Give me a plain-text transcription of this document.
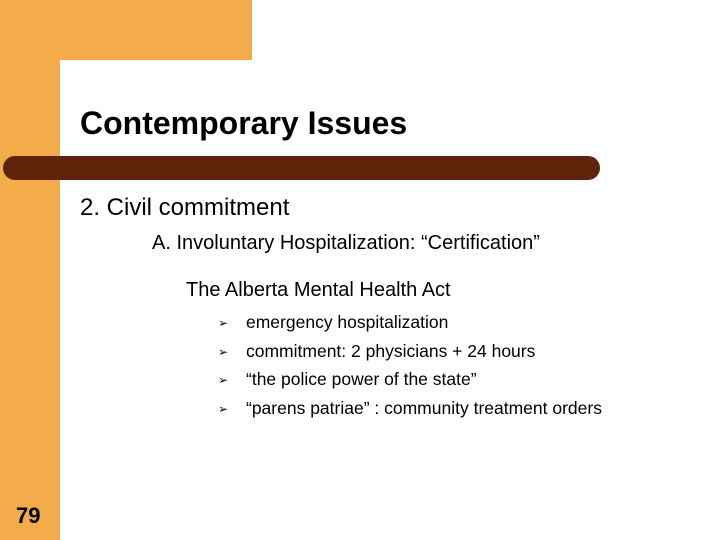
Contemporary Issues
2. Civil commitment
A. Involuntary Hospitalization: “Certification”
The Alberta Mental Health Act
➢ emergency hospitalization
➢ commitment: 2 physicians + 24 hours
➢ “the police power of the state”
➢ “parens patriae” : community treatment orders
79
